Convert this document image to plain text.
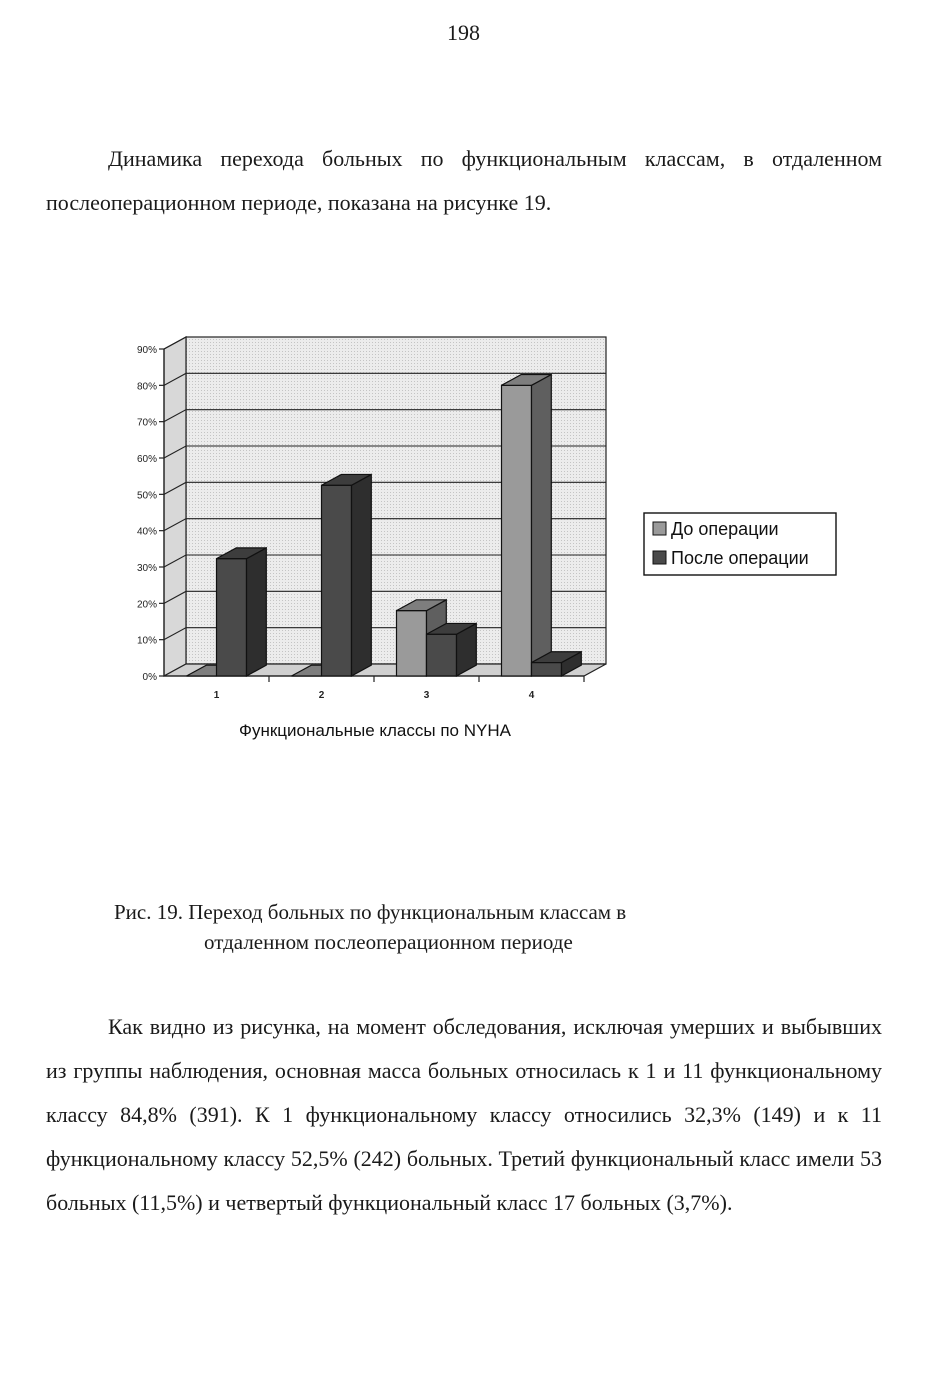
198
Динамика перехода больных по функциональным классам, в отдаленном послеоперационном периоде, показана на рисунке 19.
0%
10%
20%
30%
40%
50%
60%
70%
80%
90%
1	2	3	4
Функциональные классы по NYHA
До операции
После операции
Рис. 19. Переход больных по функциональным классам в
отдаленном послеоперационном периоде
Как видно из рисунка, на момент обследования, исключая умерших и выбывших из группы наблюдения, основная масса больных относилась к 1 и 11 функциональному классу 84,8% (391). К 1 функциональному классу относились 32,3% (149) и к 11 функциональному классу 52,5% (242) больных. Третий функциональный класс имели 53 больных (11,5%) и четвертый функциональный класс 17 больных (3,7%).
